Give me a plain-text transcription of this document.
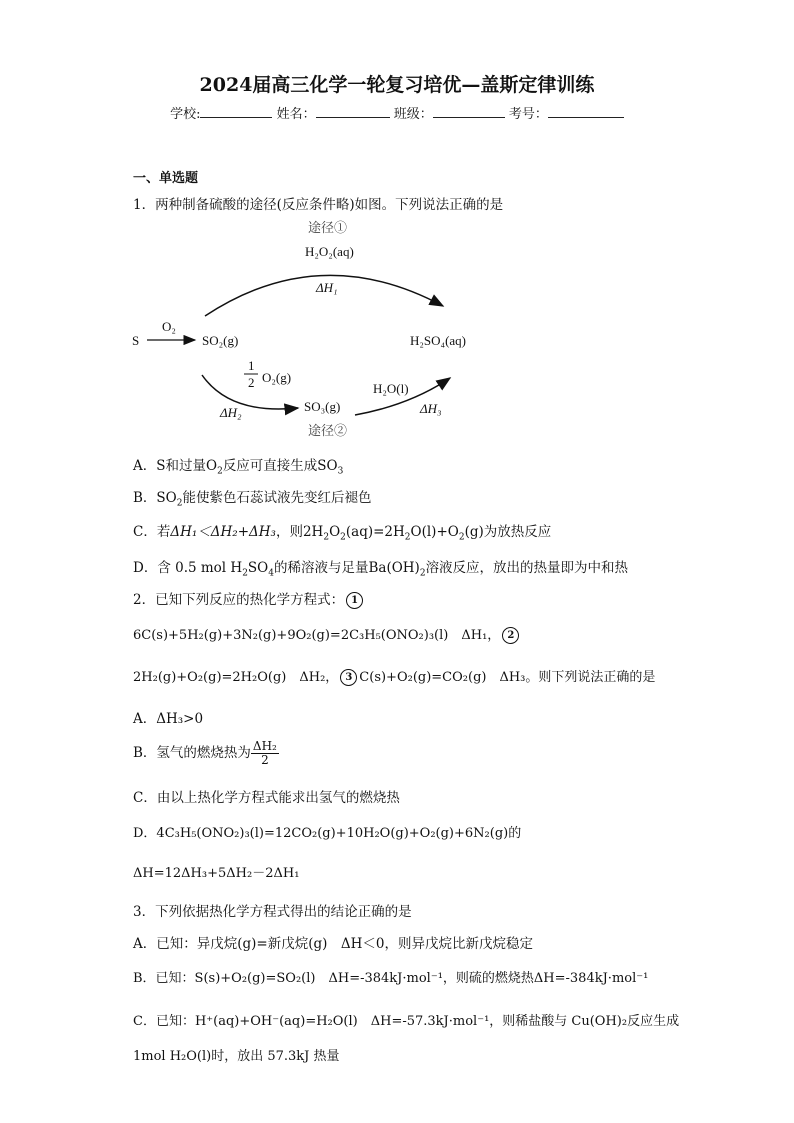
2024届高三化学一轮复习培优—盖斯定律训练
学校:	姓名：	班级：	考号：
一、单选题
1．两种制备硫酸的途径(反应条件略)如图。下列说法正确的是
途径①
H₂O₂(aq)
ΔH₁
S
O₂
SO₂(g)	H₂SO₄(aq)
1
2 O₂(g)
ΔH₂	SO₃(g)
途径②
H₂O(l)
ΔH₃
A．S和过量$O_2$反应可直接生成$SO_3$
B．$SO_2$能使紫色石蕊试液先变红后褪色
C．若ΔH₁＜ΔH₂+ΔH₃，则$2H_2O_2(aq)=2H_2O(l)+O_2(g)$为放热反应
D．含 0.5 mol $H_2SO_4$的稀溶液与足量$Ba(OH)_2$溶液反应，放出的热量即为中和热
2．已知下列反应的热化学方程式： 1
6C(s)+5H₂(g)+3N₂(g)+9O₂(g)=2C₃H₅(ONO₂)₃(l)　ΔH₁， 2
2H₂(g)+O₂(g)=2H₂O(g)　ΔH₂， 3 C(s)+O₂(g)=CO₂(g)　ΔH₃。则下列说法正确的是
A．ΔH₃>0
B．氢气的燃烧热为 $\frac{\text{ΔH₂}}{2}$
C．由以上热化学方程式能求出氢气的燃烧热
D．4C₃H₅(ONO₂)₃(l)=12CO₂(g)+10H₂O(g)+O₂(g)+6N₂(g)的
ΔH=12ΔH₃+5ΔH₂－2ΔH₁
3．下列依据热化学方程式得出的结论正确的是
A．已知：异戊烷(g)=新戊烷(g)　ΔH＜0，则异戊烷比新戊烷稳定
B．已知：S(s)+O₂(g)=SO₂(l)　ΔH=-384kJ·mol⁻¹，则硫的燃烧热ΔH=-384kJ·mol⁻¹
C．已知：H⁺(aq)+OH⁻(aq)=H₂O(l)　ΔH=-57.3kJ·mol⁻¹，则稀盐酸与 Cu(OH)₂反应生成
1mol H₂O(l)时，放出 57.3kJ 热量
